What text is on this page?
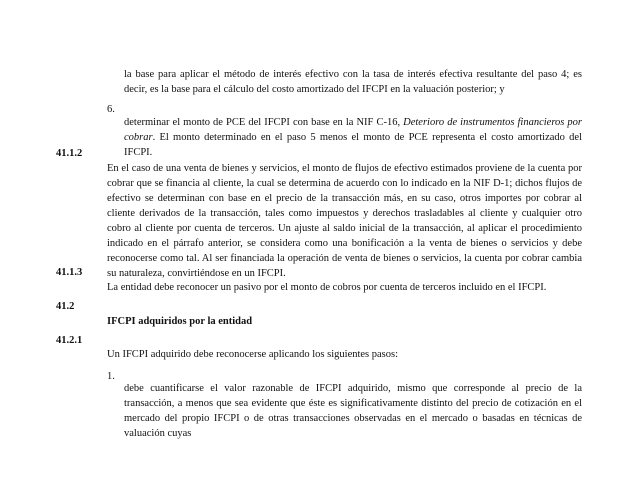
la base para aplicar el método de interés efectivo con la tasa de interés efectiva resultante del paso 4; es decir, es la base para el cálculo del costo amortizado del IFCPI en la valuación posterior; y

6.

determinar el monto de PCE del IFCPI con base en la NIF C-16, Deterioro de instrumentos financieros por cobrar. El monto determinado en el paso 5 menos el monto de PCE representa el costo amortizado del IFCPI.

41.1.2

En el caso de una venta de bienes y servicios, el monto de flujos de efectivo estimados proviene de la cuenta por cobrar que se financia al cliente, la cual se determina de acuerdo con lo indicado en la NIF D-1; dichos flujos de efectivo se determinan con base en el precio de la transacción más, en su caso, otros importes por cobrar al cliente derivados de la transacción, tales como impuestos y derechos trasladables al cliente y cualquier otro cobro al cliente por cuenta de terceros. Un ajuste al saldo inicial de la transacción, al aplicar el procedimiento indicado en el párrafo anterior, se considera como una bonificación a la venta de bienes o servicios y debe reconocerse como tal. Al ser financiada la operación de venta de bienes o servicios, la cuenta por cobrar cambia su naturaleza, convirtiéndose en un IFCPI.

41.1.3

La entidad debe reconocer un pasivo por el monto de cobros por cuenta de terceros incluido en el IFCPI.

41.2
IFCPI adquiridos por la entidad
41.2.1

Un IFCPI adquirido debe reconocerse aplicando los siguientes pasos:

1.

debe cuantificarse el valor razonable de IFCPI adquirido, mismo que corresponde al precio de la transacción, a menos que sea evidente que éste es significativamente distinto del precio de cotización en el mercado del propio IFCPI o de otras transacciones observadas en el mercado o basadas en técnicas de valuación cuyas
